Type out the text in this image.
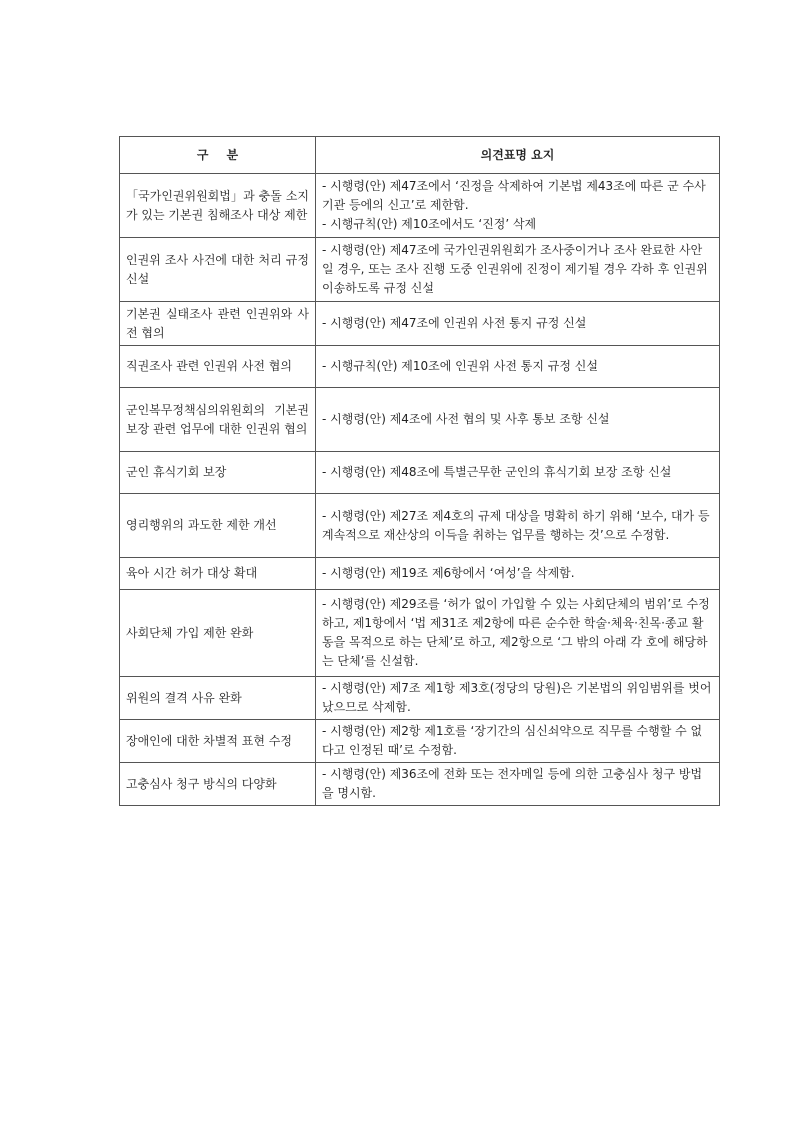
구분	의견표명 요지
「국가인권위원회법」과 충돌 소지가 있는 기본권 침해조사 대상 제한	- 시행령(안) 제47조에서 ‘진정을 삭제하여 기본법 제43조에 따른 군 수사기관 등에의 신고’로 제한함.
- 시행규칙(안) 제10조에서도 ‘진정’ 삭제

인권위 조사 사건에 대한 처리 규정 신설	- 시행령(안) 제47조에 국가인권위원회가 조사중이거나 조사 완료한 사안일 경우, 또는 조사 진행 도중 인권위에 진정이 제기될 경우 각하 후 인권위 이송하도록 규정 신설

기본권 실태조사 관련 인권위와 사전 협의	- 시행령(안) 제47조에 인권위 사전 통지 규정 신설

직권조사 관련 인권위 사전 협의	- 시행규칙(안) 제10조에 인권위 사전 통지 규정 신설

군인복무정책심의위원회의 기본권 보장 관련 업무에 대한 인권위 협의	- 시행령(안) 제4조에 사전 협의 및 사후 통보 조항 신설

군인 휴식기회 보장	- 시행령(안) 제48조에 특별근무한 군인의 휴식기회 보장 조항 신설

영리행위의 과도한 제한 개선	- 시행령(안) 제27조 제4호의 규제 대상을 명확히 하기 위해 ‘보수, 대가 등 계속적으로 재산상의 이득을 취하는 업무를 행하는 것’으로 수정함.

육아 시간 허가 대상 확대	- 시행령(안) 제19조 제6항에서 ‘여성’을 삭제함.

사회단체 가입 제한 완화	- 시행령(안) 제29조를 ‘허가 없이 가입할 수 있는 사회단체의 범위’로 수정하고, 제1항에서 ‘법 제31조 제2항에 따른 순수한 학술·체육·친목·종교 활동을 목적으로 하는 단체’로 하고, 제2항으로 ‘그 밖의 아래 각 호에 해당하는 단체’를 신설함.

위원의 결격 사유 완화	- 시행령(안) 제7조 제1항 제3호(정당의 당원)은 기본법의 위임범위를 벗어났으므로 삭제함.

장애인에 대한 차별적 표현 수정	- 시행령(안) 제2항 제1호를 ‘장기간의 심신쇠약으로 직무를 수행할 수 없다고 인정된 때’로 수정함.

고충심사 청구 방식의 다양화	- 시행령(안) 제36조에 전화 또는 전자메일 등에 의한 고충심사 청구 방법을 명시함.
